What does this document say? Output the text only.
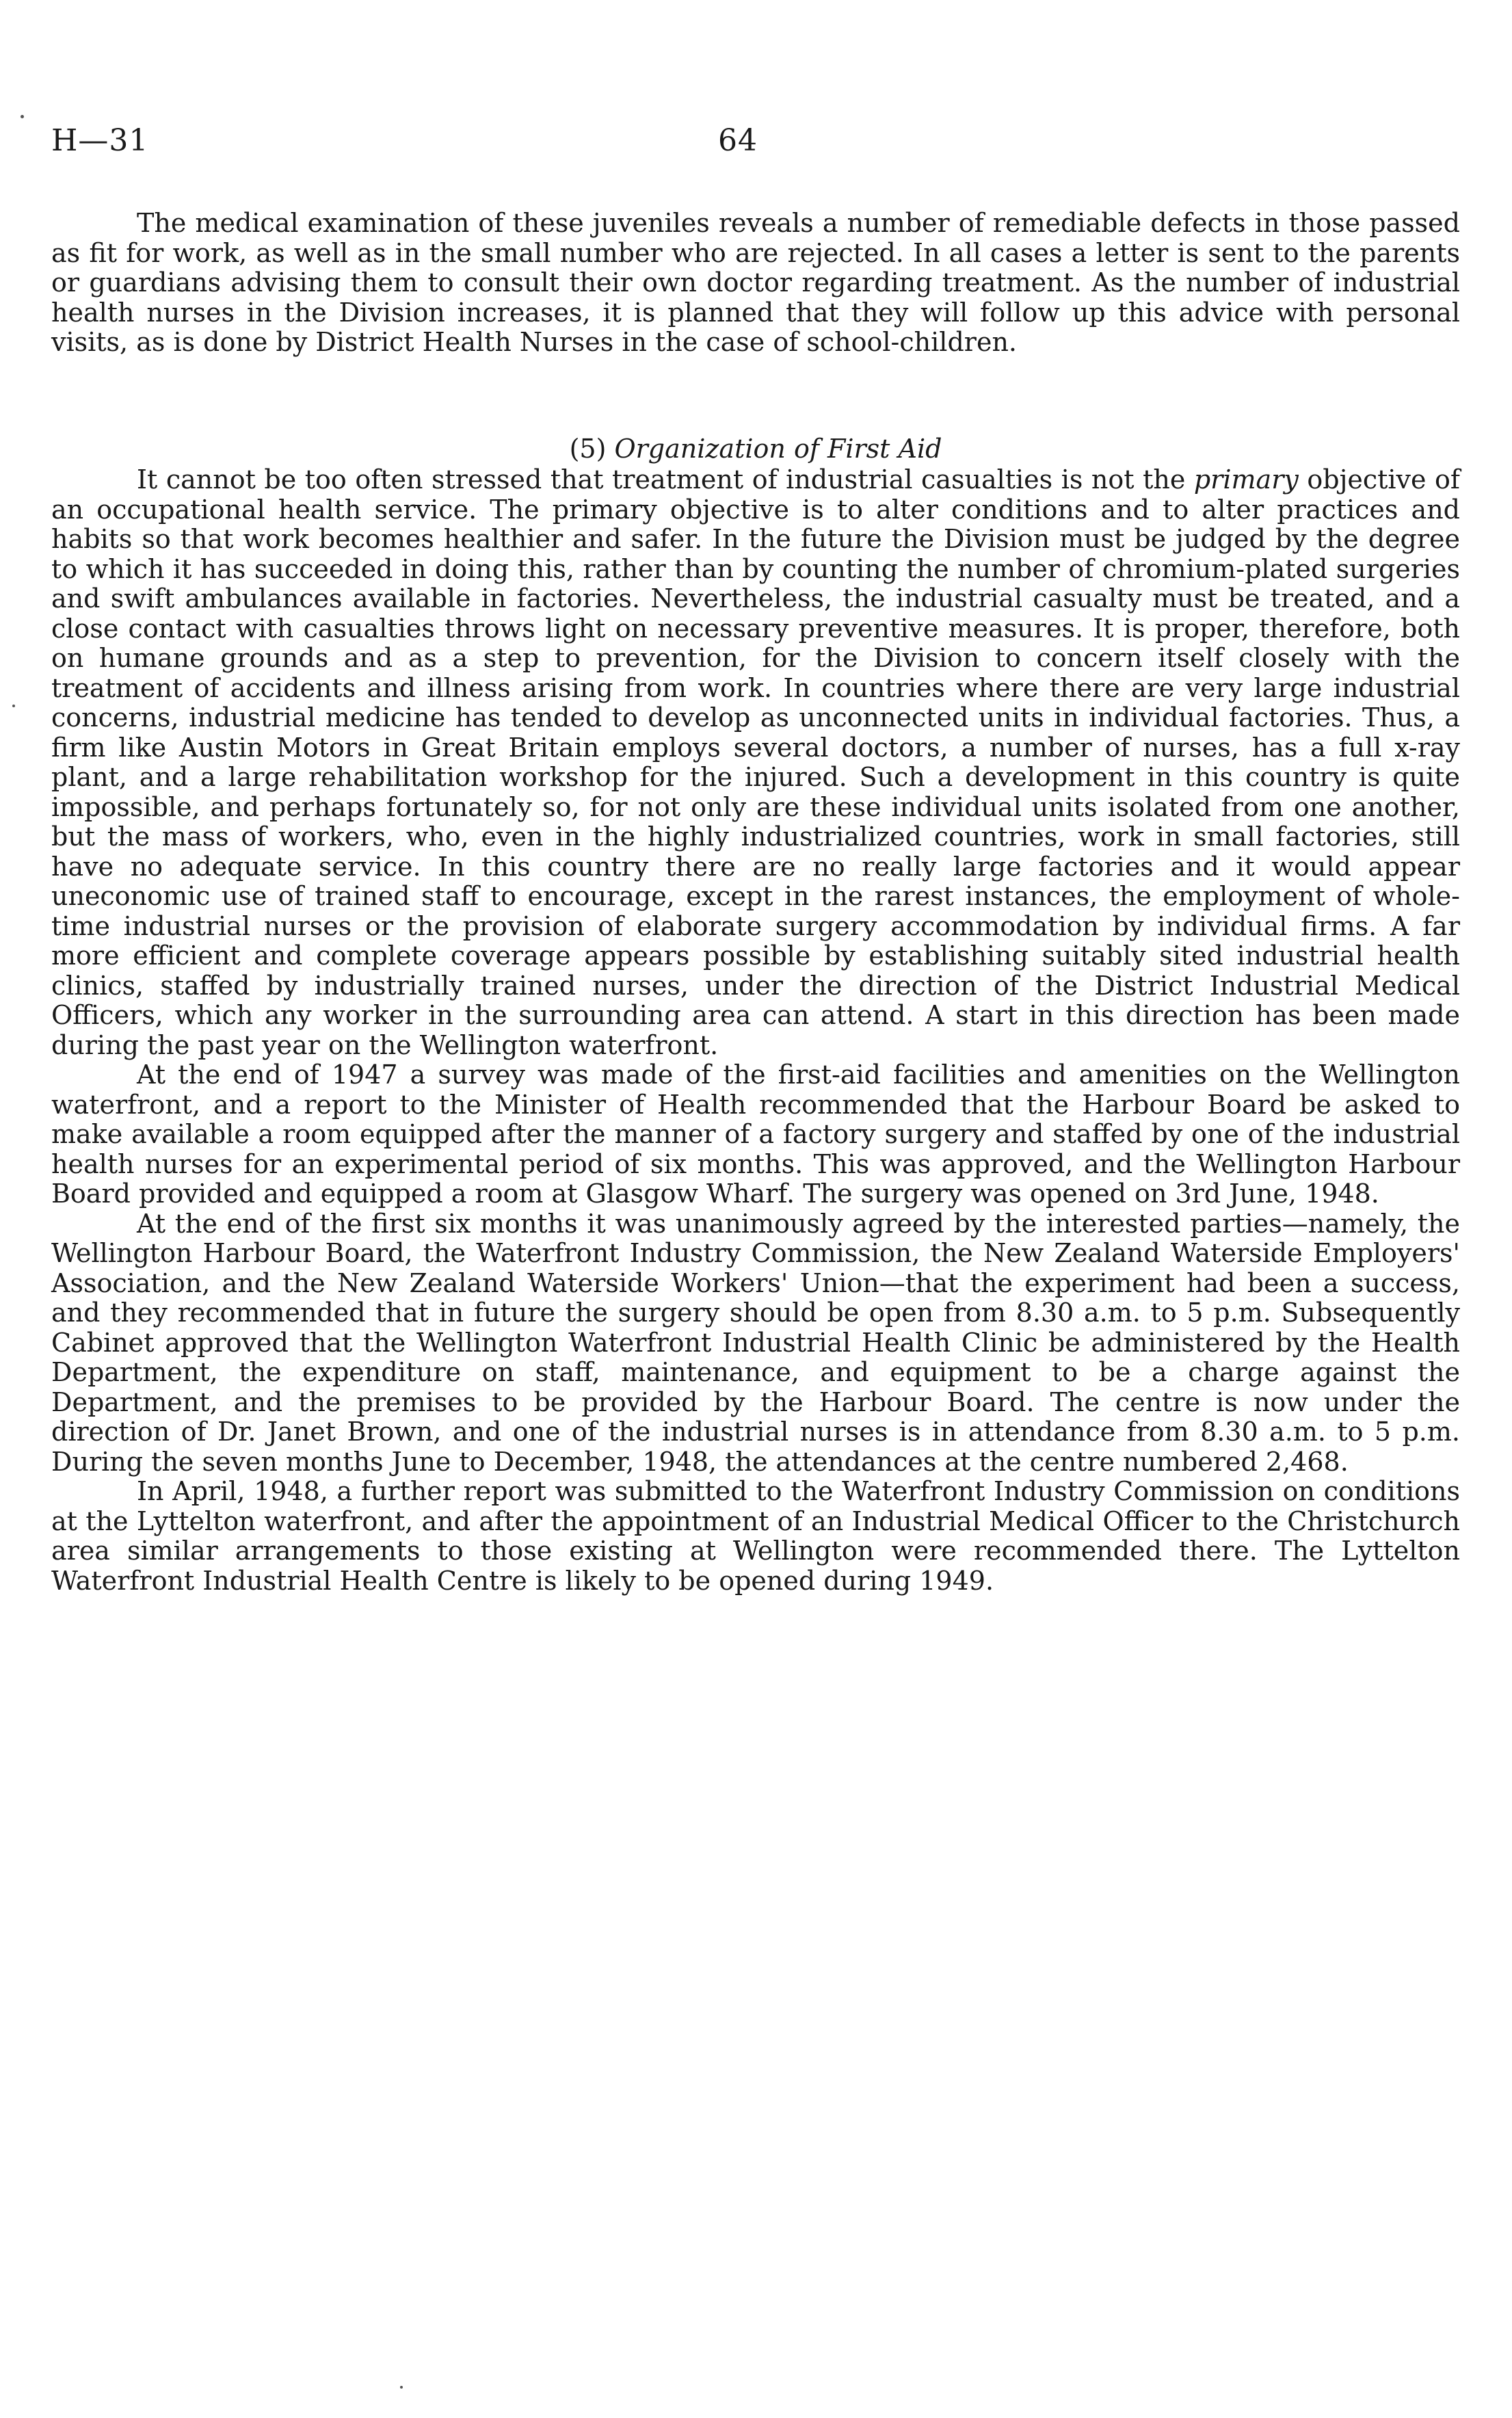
H—31	64

The medical examination of these juveniles reveals a number of remediable defects in those passed as fit for work, as well as in the small number who are rejected. In all cases a letter is sent to the parents or guardians advising them to consult their own doctor regarding treatment. As the number of industrial health nurses in the Division increases, it is planned that they will follow up this advice with personal visits, as is done by District Health Nurses in the case of school-children.

(5) Organization of First Aid

It cannot be too often stressed that treatment of industrial casualties is not the primary objective of an occupational health service. The primary objective is to alter conditions and to alter practices and habits so that work becomes healthier and safer. In the future the Division must be judged by the degree to which it has succeeded in doing this, rather than by counting the number of chromium-plated surgeries and swift ambulances available in factories. Nevertheless, the industrial casualty must be treated, and a close contact with casualties throws light on necessary preventive measures. It is proper, therefore, both on humane grounds and as a step to prevention, for the Division to concern itself closely with the treatment of accidents and illness arising from work. In countries where there are very large industrial concerns, industrial medicine has tended to develop as unconnected units in individual factories. Thus, a firm like Austin Motors in Great Britain employs several doctors, a number of nurses, has a full x-ray plant, and a large rehabilitation workshop for the injured. Such a development in this country is quite impossible, and perhaps fortunately so, for not only are these individual units isolated from one another, but the mass of workers, who, even in the highly industrialized countries, work in small factories, still have no adequate service. In this country there are no really large factories and it would appear uneconomic use of trained staff to encourage, except in the rarest instances, the employment of whole-time industrial nurses or the provision of elaborate surgery accommodation by individual firms. A far more efficient and complete coverage appears possible by establishing suitably sited industrial health clinics, staffed by industrially trained nurses, under the direction of the District Industrial Medical Officers, which any worker in the surrounding area can attend. A start in this direction has been made during the past year on the Wellington waterfront.

At the end of 1947 a survey was made of the first-aid facilities and amenities on the Wellington waterfront, and a report to the Minister of Health recommended that the Harbour Board be asked to make available a room equipped after the manner of a factory surgery and staffed by one of the industrial health nurses for an experimental period of six months. This was approved, and the Wellington Harbour Board provided and equipped a room at Glasgow Wharf. The surgery was opened on 3rd June, 1948.

At the end of the first six months it was unanimously agreed by the interested parties—namely, the Wellington Harbour Board, the Waterfront Industry Commission, the New Zealand Waterside Employers' Association, and the New Zealand Waterside Workers' Union—that the experiment had been a success, and they recommended that in future the surgery should be open from 8.30 a.m. to 5 p.m. Subsequently Cabinet approved that the Wellington Waterfront Industrial Health Clinic be administered by the Health Department, the expenditure on staff, maintenance, and equipment to be a charge against the Department, and the premises to be provided by the Harbour Board. The centre is now under the direction of Dr. Janet Brown, and one of the industrial nurses is in attendance from 8.30 a.m. to 5 p.m. During the seven months June to December, 1948, the attendances at the centre numbered 2,468.

In April, 1948, a further report was submitted to the Waterfront Industry Commission on conditions at the Lyttelton waterfront, and after the appointment of an Industrial Medical Officer to the Christchurch area similar arrangements to those existing at Wellington were recommended there. The Lyttelton Waterfront Industrial Health Centre is likely to be opened during 1949.
